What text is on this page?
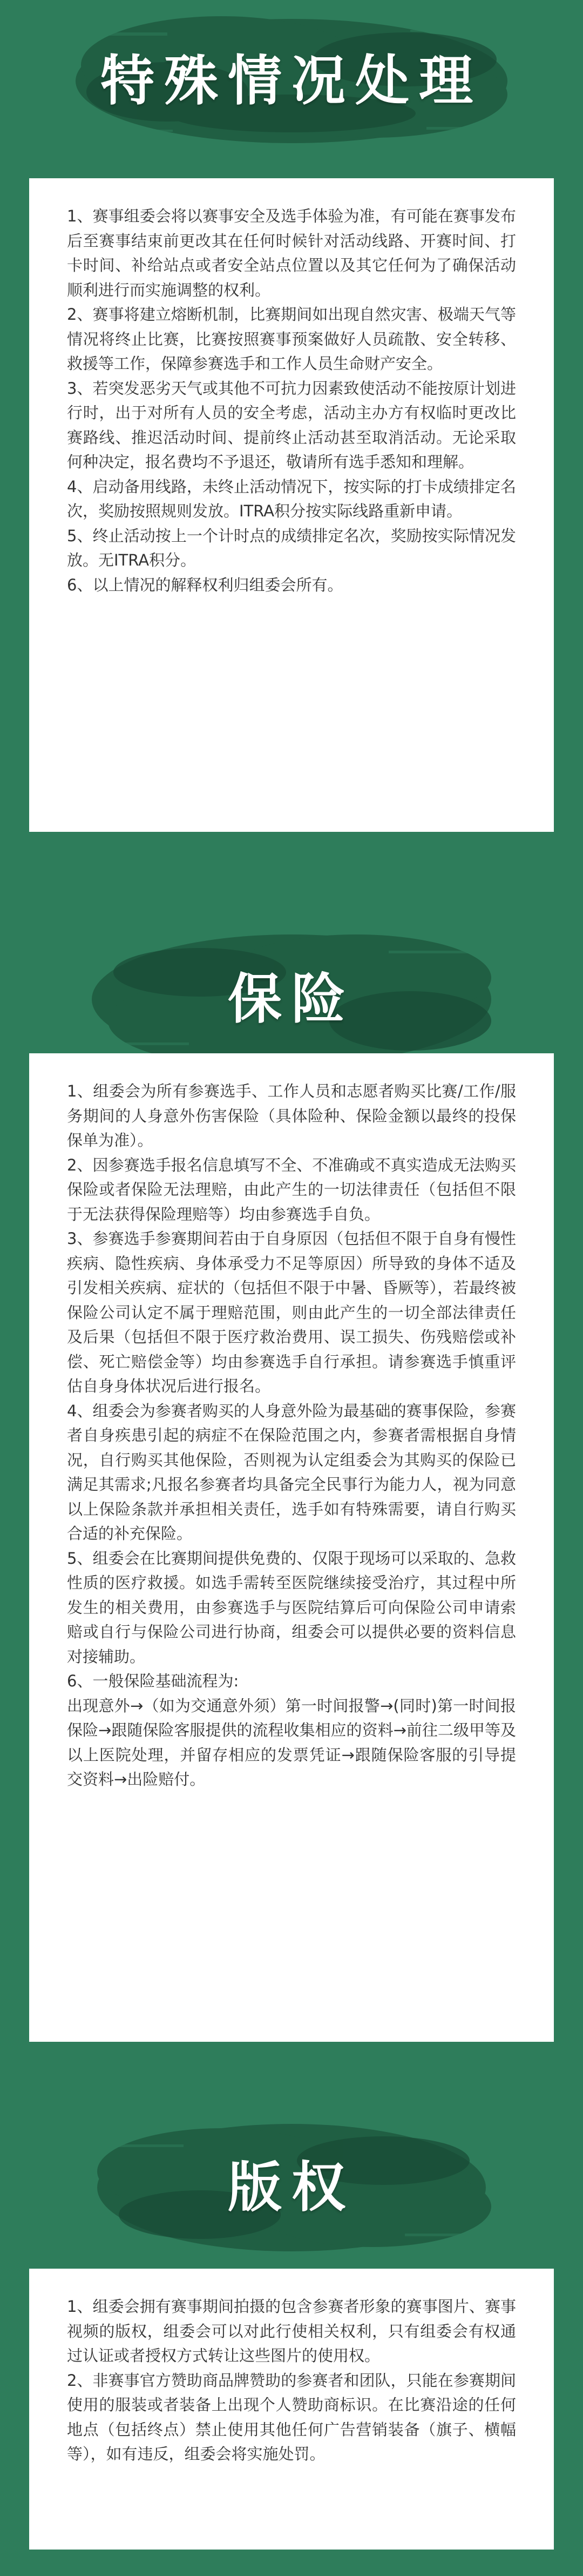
特殊情况处理

1、赛事组委会将以赛事安全及选手体验为准，有可能在赛事发布后至赛事结束前更改其在任何时候针对活动线路、开赛时间、打卡时间、补给站点或者安全站点位置以及其它任何为了确保活动顺利进行而实施调整的权利。

2、赛事将建立熔断机制，比赛期间如出现自然灾害、极端天气等情况将终止比赛，比赛按照赛事预案做好人员疏散、安全转移、救援等工作，保障参赛选手和工作人员生命财产安全。

3、若突发恶劣天气或其他不可抗力因素致使活动不能按原计划进行时，出于对所有人员的安全考虑，活动主办方有权临时更改比赛路线、推迟活动时间、提前终止活动甚至取消活动。无论采取何种决定，报名费均不予退还，敬请所有选手悉知和理解。

4、启动备用线路，未终止活动情况下，按实际的打卡成绩排定名次，奖励按照规则发放。ITRA积分按实际线路重新申请。

5、终止活动按上一个计时点的成绩排定名次，奖励按实际情况发放。无ITRA积分。

6、以上情况的解释权利归组委会所有。

保险

1、组委会为所有参赛选手、工作人员和志愿者购买比赛/工作/服务期间的人身意外伤害保险（具体险种、保险金额以最终的投保保单为准）。

2、因参赛选手报名信息填写不全、不准确或不真实造成无法购买保险或者保险无法理赔，由此产生的一切法律责任（包括但不限于无法获得保险理赔等）均由参赛选手自负。

3、参赛选手参赛期间若由于自身原因（包括但不限于自身有慢性疾病、隐性疾病、身体承受力不足等原因）所导致的身体不适及引发相关疾病、症状的（包括但不限于中暑、昏厥等），若最终被保险公司认定不属于理赔范围，则由此产生的一切全部法律责任及后果（包括但不限于医疗救治费用、误工损失、伤残赔偿或补偿、死亡赔偿金等）均由参赛选手自行承担。请参赛选手慎重评估自身身体状况后进行报名。

4、组委会为参赛者购买的人身意外险为最基础的赛事保险，参赛者自身疾患引起的病症不在保险范围之内，参赛者需根据自身情况，自行购买其他保险，否则视为认定组委会为其购买的保险已满足其需求;凡报名参赛者均具备完全民事行为能力人，视为同意以上保险条款并承担相关责任，选手如有特殊需要，请自行购买合适的补充保险。

5、组委会在比赛期间提供免费的、仅限于现场可以采取的、急救性质的医疗救援。如选手需转至医院继续接受治疗，其过程中所发生的相关费用，由参赛选手与医院结算后可向保险公司申请索赔或自行与保险公司进行协商，组委会可以提供必要的资料信息对接辅助。

6、一般保险基础流程为:

出现意外→（如为交通意外须）第一时间报警→(同时)第一时间报保险→跟随保险客服提供的流程收集相应的资料→前往二级甲等及以上医院处理，并留存相应的发票凭证→跟随保险客服的引导提交资料→出险赔付。

版权

1、组委会拥有赛事期间拍摄的包含参赛者形象的赛事图片、赛事视频的版权，组委会可以对此行使相关权利，只有组委会有权通过认证或者授权方式转让这些图片的使用权。

2、非赛事官方赞助商品牌赞助的参赛者和团队，只能在参赛期间使用的服装或者装备上出现个人赞助商标识。在比赛沿途的任何地点（包括终点）禁止使用其他任何广告营销装备（旗子、横幅等），如有违反，组委会将实施处罚。
